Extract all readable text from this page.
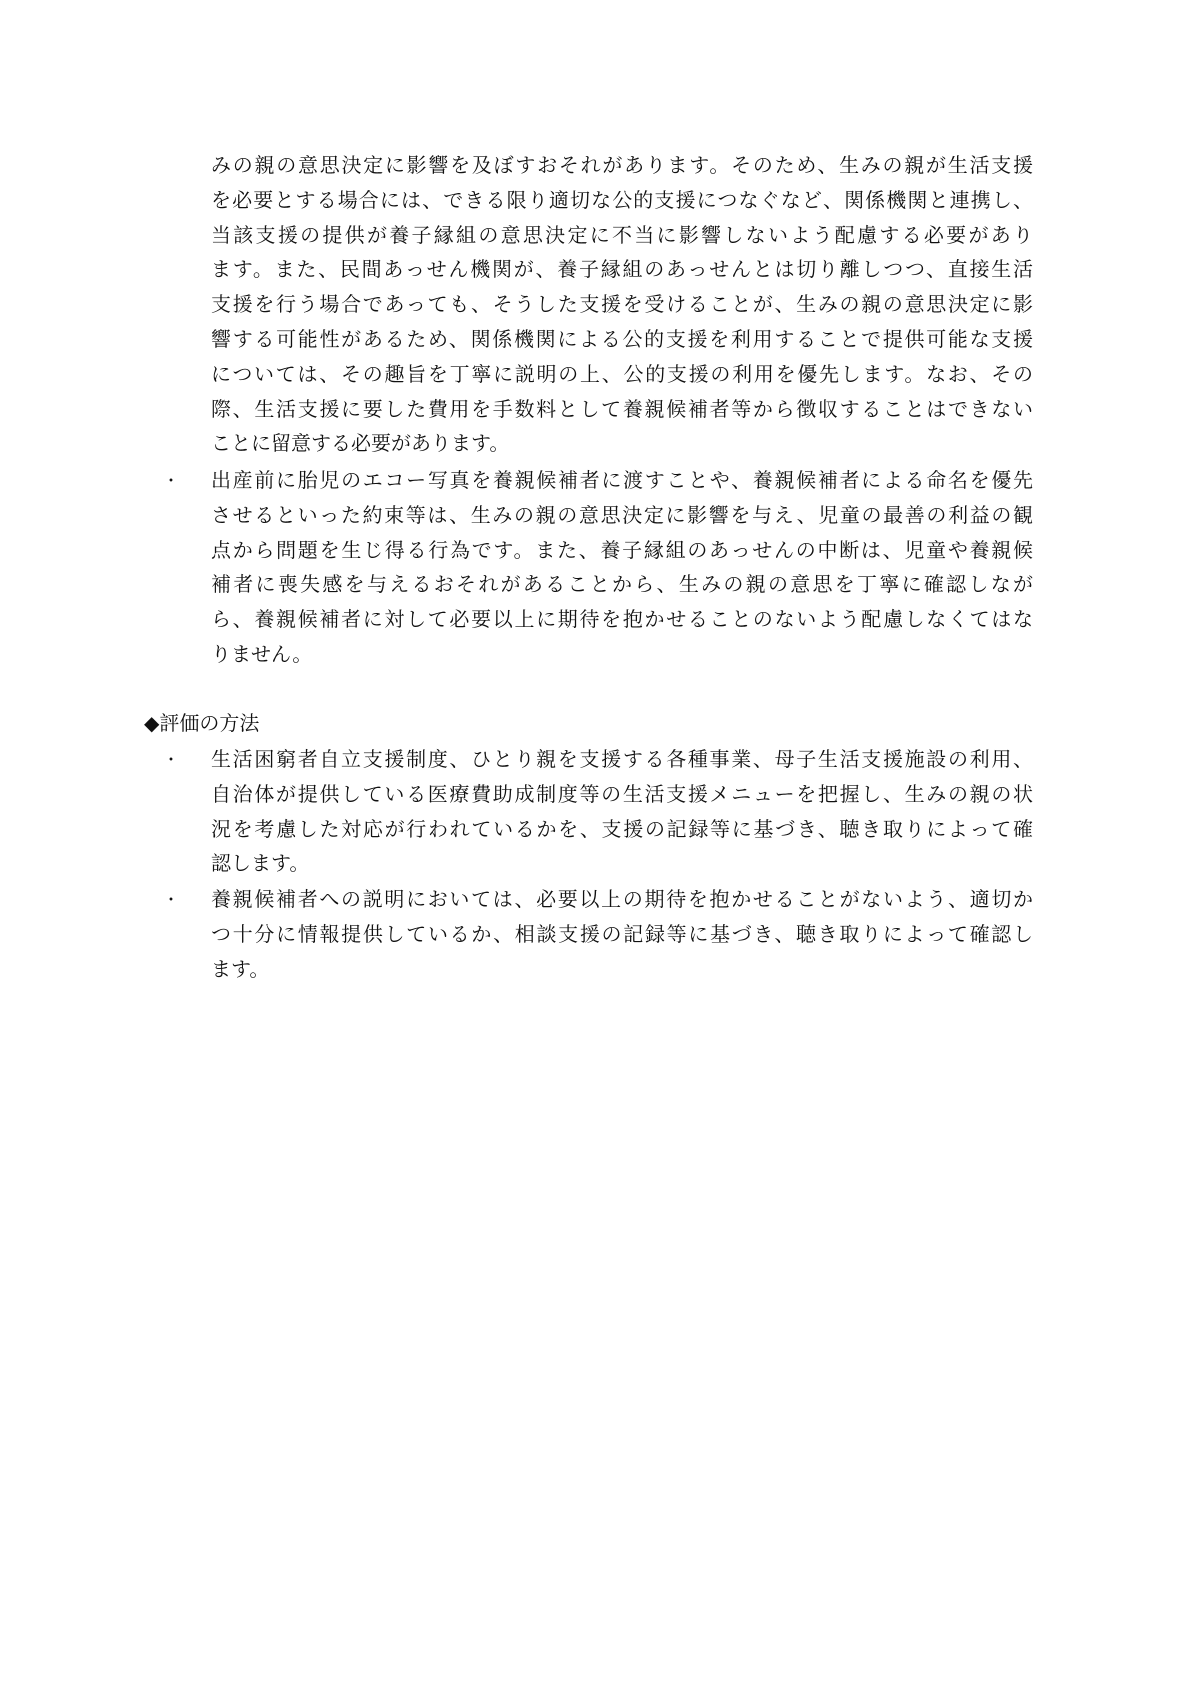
みの親の意思決定に影響を及ぼすおそれがあります。そのため、生みの親が生活支援
を必要とする場合には、できる限り適切な公的支援につなぐなど、関係機関と連携し、
当該支援の提供が養子縁組の意思決定に不当に影響しないよう配慮する必要があり
ます。また、民間あっせん機関が、養子縁組のあっせんとは切り離しつつ、直接生活
支援を行う場合であっても、そうした支援を受けることが、生みの親の意思決定に影
響する可能性があるため、関係機関による公的支援を利用することで提供可能な支援
については、その趣旨を丁寧に説明の上、公的支援の利用を優先します。なお、その
際、生活支援に要した費用を手数料として養親候補者等から徴収することはできない
ことに留意する必要があります。
・ 出産前に胎児のエコー写真を養親候補者に渡すことや、養親候補者による命名を優先
させるといった約束等は、生みの親の意思決定に影響を与え、児童の最善の利益の観
点から問題を生じ得る行為です。また、養子縁組のあっせんの中断は、児童や養親候
補者に喪失感を与えるおそれがあることから、生みの親の意思を丁寧に確認しなが
ら、養親候補者に対して必要以上に期待を抱かせることのないよう配慮しなくてはな
りません。
◆評価の方法
・ 生活困窮者自立支援制度、ひとり親を支援する各種事業、母子生活支援施設の利用、
自治体が提供している医療費助成制度等の生活支援メニューを把握し、生みの親の状
況を考慮した対応が行われているかを、支援の記録等に基づき、聴き取りによって確
認します。
・ 養親候補者への説明においては、必要以上の期待を抱かせることがないよう、適切か
つ十分に情報提供しているか、相談支援の記録等に基づき、聴き取りによって確認し
ます。
